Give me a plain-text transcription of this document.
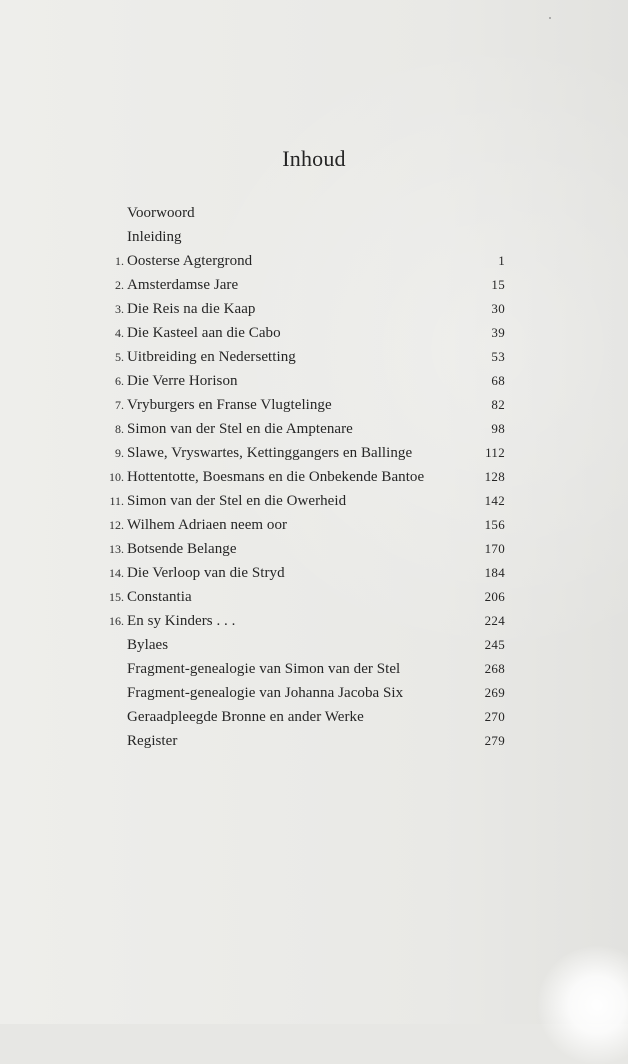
Inhoud
Voorwoord
Inleiding
1. Oosterse Agtergrond	1
2. Amsterdamse Jare	15
3. Die Reis na die Kaap	30
4. Die Kasteel aan die Cabo	39
5. Uitbreiding en Nedersetting	53
6. Die Verre Horison	68
7. Vryburgers en Franse Vlugtelinge	82
8. Simon van der Stel en die Amptenare	98
9. Slawe, Vryswartes, Kettinggangers en Ballinge	112
10. Hottentotte, Boesmans en die Onbekende Bantoe	128
11. Simon van der Stel en die Owerheid	142
12. Wilhem Adriaen neem oor	156
13. Botsende Belange	170
14. Die Verloop van die Stryd	184
15. Constantia	206
16. En sy Kinders . . .	224
Bylaes	245
Fragment-genealogie van Simon van der Stel	268
Fragment-genealogie van Johanna Jacoba Six	269
Geraadpleegde Bronne en ander Werke	270
Register	279
